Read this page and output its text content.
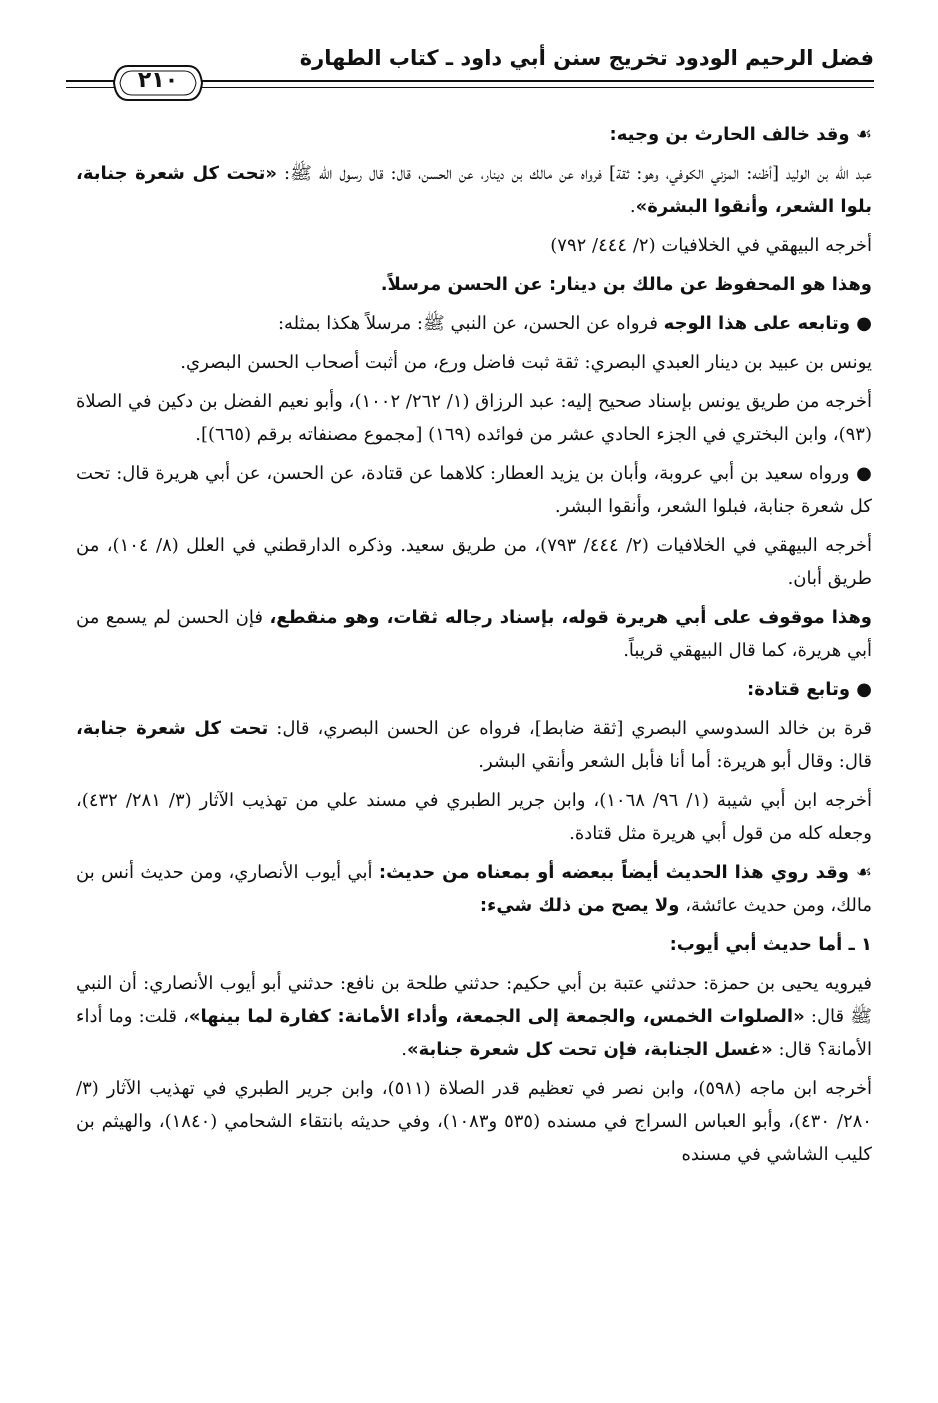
فضل الرحيم الودود تخريج سنن أبي داود ـ كتاب الطهارة
٢١٠

☙ وقد خالف الحارث بن وجيه:

عبد الله بن الوليد [أظنه: المزني الكوفي، وهو: ثقة] فرواه عن مالك بن دينار، عن الحسن، قال: قال رسول الله ﷺ: «تحت كل شعرة جنابة، بلوا الشعر، وأنقوا البشرة».

أخرجه البيهقي في الخلافيات (٢/ ٤٤٤/ ٧٩٢)

وهذا هو المحفوظ عن مالك بن دينار: عن الحسن مرسلاً.

● وتابعه على هذا الوجه فرواه عن الحسن، عن النبي ﷺ: مرسلاً هكذا بمثله:

يونس بن عبيد بن دينار العبدي البصري: ثقة ثبت فاضل ورع، من أثبت أصحاب الحسن البصري.

أخرجه من طريق يونس بإسناد صحيح إليه: عبد الرزاق (١/ ٢٦٢/ ١٠٠٢)، وأبو نعيم الفضل بن دكين في الصلاة (٩٣)، وابن البختري في الجزء الحادي عشر من فوائده (١٦٩) [مجموع مصنفاته برقم (٦٦٥)].

● ورواه سعيد بن أبي عروبة، وأبان بن يزيد العطار: كلاهما عن قتادة، عن الحسن، عن أبي هريرة قال: تحت كل شعرة جنابة، فبلوا الشعر، وأنقوا البشر.

أخرجه البيهقي في الخلافيات (٢/ ٤٤٤/ ٧٩٣)، من طريق سعيد. وذكره الدارقطني في العلل (٨/ ١٠٤)، من طريق أبان.

وهذا موقوف على أبي هريرة قوله، بإسناد رجاله ثقات، وهو منقطع، فإن الحسن لم يسمع من أبي هريرة، كما قال البيهقي قريباً.

● وتابع قتادة:

قرة بن خالد السدوسي البصري [ثقة ضابط]، فرواه عن الحسن البصري، قال: تحت كل شعرة جنابة، قال: وقال أبو هريرة: أما أنا فأبل الشعر وأنقي البشر.

أخرجه ابن أبي شيبة (١/ ٩٦/ ١٠٦٨)، وابن جرير الطبري في مسند علي من تهذيب الآثار (٣/ ٢٨١/ ٤٣٢)، وجعله كله من قول أبي هريرة مثل قتادة.

☙ وقد روي هذا الحديث أيضاً ببعضه أو بمعناه من حديث: أبي أيوب الأنصاري، ومن حديث أنس بن مالك، ومن حديث عائشة، ولا يصح من ذلك شيء:

١ ـ أما حديث أبي أيوب:

فيرويه يحيى بن حمزة: حدثني عتبة بن أبي حكيم: حدثني طلحة بن نافع: حدثني أبو أيوب الأنصاري: أن النبي ﷺ قال: «الصلوات الخمس، والجمعة إلى الجمعة، وأداء الأمانة: كفارة لما بينها»، قلت: وما أداء الأمانة؟ قال: «غسل الجنابة، فإن تحت كل شعرة جنابة».

أخرجه ابن ماجه (٥٩٨)، وابن نصر في تعظيم قدر الصلاة (٥١١)، وابن جرير الطبري في تهذيب الآثار (٣/ ٢٨٠/ ٤٣٠)، وأبو العباس السراج في مسنده (٥٣٥ و١٠٨٣)، وفي حديثه بانتقاء الشحامي (١٨٤٠)، والهيثم بن كليب الشاشي في مسنده
